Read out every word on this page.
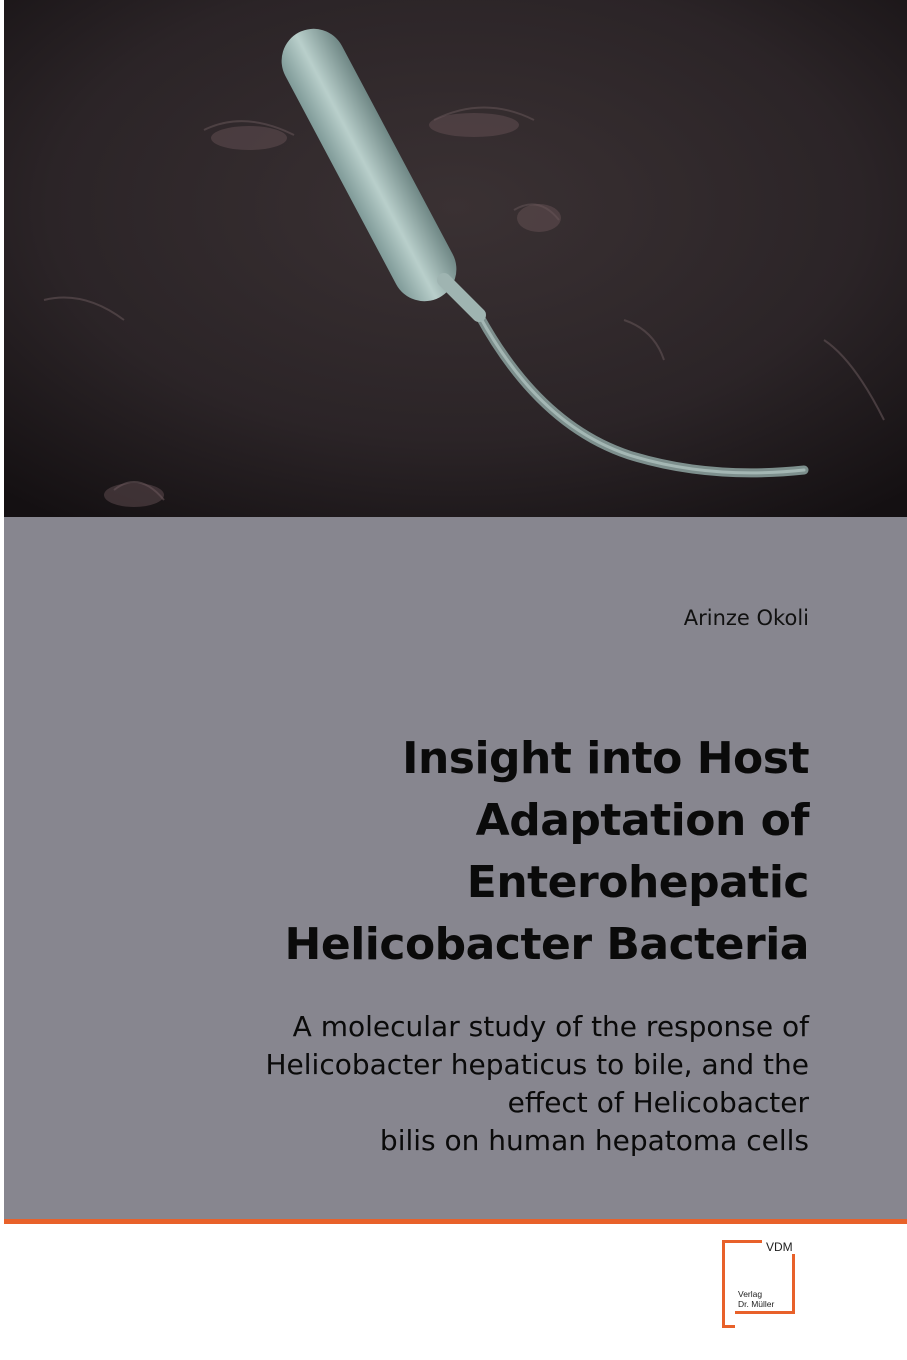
Arinze Okoli
Insight into Host
Adaptation of
Enterohepatic
Helicobacter Bacteria
A molecular study of the response of
Helicobacter hepaticus to bile, and the
effect of Helicobacter
bilis on human hepatoma cells
VDM
Verlag
Dr. Müller
